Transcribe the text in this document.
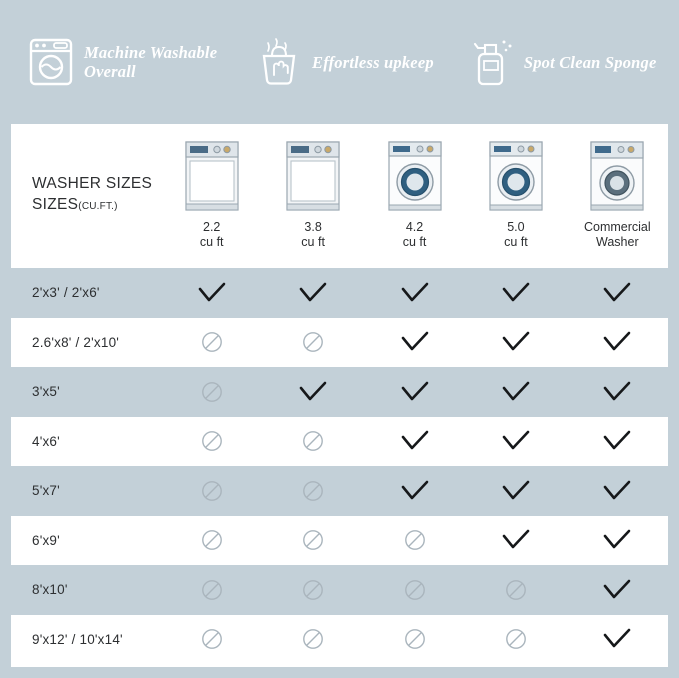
Machine Washable Overall	Effortless upkeep	Spot Clean Sponge
WASHER SIZES
SIZES(CU.FT.)
2.2
cu ft
3.8
cu ft
4.2
cu ft
5.0
cu ft
Commercial
Washer
2'x3' / 2'x6'
2.6'x8' / 2'x10'
3'x5'
4'x6'
5'x7'
6'x9'
8'x10'
9'x12' / 10'x14'
